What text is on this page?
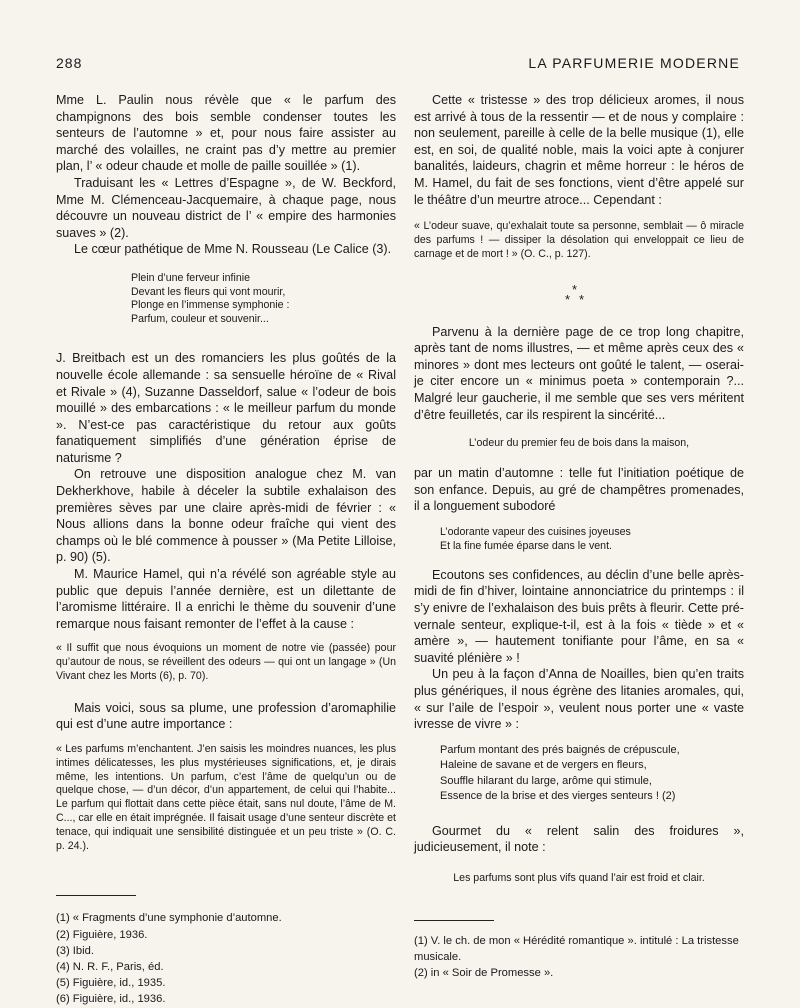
288	LA PARFUMERIE MODERNE

Mme L. Paulin nous révèle que « le parfum des champignons des bois semble condenser toutes les senteurs de l’automne » et, pour nous faire assister au marché des volailles, ne craint pas d’y mettre au premier plan, l’ « odeur chaude et molle de paille souillée » (1).

Traduisant les « Lettres d’Espagne », de W. Beckford, Mme M. Clémenceau-Jacquemaire, à chaque page, nous découvre un nouveau district de l’ « empire des harmonies suaves » (2).

Le cœur pathétique de Mme N. Rousseau (Le Calice (3).

Plein d’une ferveur infinie
Devant les fleurs qui vont mourir,
Plonge en l’immense symphonie :
Parfum, couleur et souvenir...

J. Breitbach est un des romanciers les plus goûtés de la nouvelle école allemande : sa sensuelle héroïne de « Rival et Rivale » (4), Suzanne Dasseldorf, salue « l’odeur de bois mouillé » des embarcations : « le meilleur parfum du monde ». N’est-ce pas caractéristique du retour aux goûts fanatiquement simplifiés d’une génération éprise de naturisme ?

On retrouve une disposition analogue chez M. van Dekherkhove, habile à déceler la subtile exhalaison des premières sèves par une claire après-midi de février : « Nous allions dans la bonne odeur fraîche qui vient des champs où le blé commence à pousser » (Ma Petite Lilloise, p. 90) (5).

M. Maurice Hamel, qui n’a révélé son agréable style au public que depuis l’année dernière, est un dilettante de l’aromisme littéraire. Il a enrichi le thème du souvenir d’une remarque nous faisant remonter de l’effet à la cause :

« Il suffit que nous évoquions un moment de notre vie (passée) pour qu’autour de nous, se réveillent des odeurs — qui ont un langage » (Un Vivant chez les Morts (6), p. 70).

Mais voici, sous sa plume, une profession d’aromaphilie qui est d’une autre importance :

« Les parfums m’enchantent. J’en saisis les moindres nuances, les plus intimes délicatesses, les plus mystérieuses significations, et, je dirais même, les intentions. Un parfum, c’est l’âme de quelqu’un ou de quelque chose, — d’un décor, d’un appartement, de celui qui l’habite... Le parfum qui flottait dans cette pièce était, sans nul doute, l’âme de M. C..., car elle en était imprégnée. Il faisait usage d’une senteur discrète et tenace, qui indiquait une sensibilité distinguée et un peu triste » (O. C. p. 24.).

(1) « Fragments d’une symphonie d’automne.
(2) Figuière, 1936.
(3) Ibid.
(4) N. R. F., Paris, éd.
(5) Figuière, id., 1935.
(6) Figuière, id., 1936.

Cette « tristesse » des trop délicieux aromes, il nous est arrivé à tous de la ressentir — et de nous y complaire : non seulement, pareille à celle de la belle musique (1), elle est, en soi, de qualité noble, mais la voici apte à conjurer banalités, laideurs, chagrin et même horreur : le héros de M. Hamel, du fait de ses fonctions, vient d’être appelé sur le théâtre d’un meurtre atroce... Cependant :

« L’odeur suave, qu’exhalait toute sa personne, semblait — ô miracle des parfums ! — dissiper la désolation qui enveloppait ce lieu de carnage et de mort ! » (O. C., p. 127).

*
* *

Parvenu à la dernière page de ce trop long chapitre, après tant de noms illustres, — et même après ceux des « minores » dont mes lecteurs ont goûté le talent, — oserai-je citer encore un « minimus poeta » contemporain ?... Malgré leur gaucherie, il me semble que ses vers méritent d’être feuilletés, car ils respirent la sincérité...

L’odeur du premier feu de bois dans la maison,

par un matin d’automne : telle fut l’initiation poétique de son enfance. Depuis, au gré de champêtres promenades, il a longuement subodoré

L’odorante vapeur des cuisines joyeuses
Et la fine fumée éparse dans le vent.

Ecoutons ses confidences, au déclin d’une belle après-midi de fin d’hiver, lointaine annonciatrice du printemps : il s’y enivre de l’exhalaison des buis prêts à fleurir. Cette pré-vernale senteur, explique-t-il, est à la fois « tiède » et « amère », — hautement tonifiante pour l’âme, en sa « suavité plénière » !

Un peu à la façon d’Anna de Noailles, bien qu’en traits plus génériques, il nous égrène des litanies aromales, qui, « sur l’aile de l’espoir », veulent nous porter une « vaste ivresse de vivre » :

Parfum montant des prés baignés de crépuscule,
Haleine de savane et de vergers en fleurs,
Souffle hilarant du large, arôme qui stimule,
Essence de la brise et des vierges senteurs ! (2)

Gourmet du « relent salin des froidures », judicieusement, il note :

Les parfums sont plus vifs quand l’air est froid et clair.

(1) V. le ch. de mon « Hérédité romantique ». intitulé : La tristesse musicale.
(2) in « Soir de Promesse ».
